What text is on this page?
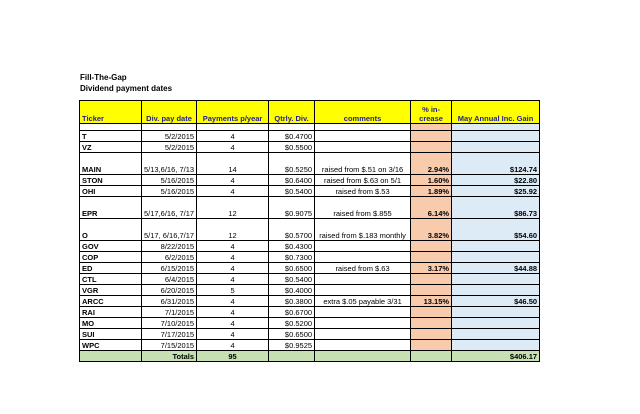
Fill-The-Gap
Dividend payment dates
Ticker	Div. pay date	Payments p/year	Qtrly. Div.	comments	% in-crease	May Annual Inc. Gain

T	5/2/2015	4	$0.4700			
VZ	5/2/2015	4	$0.5500			
MAIN	5/13,6/16, 7/13	14	$0.5250	raised from $.51 on 3/16	2.94%	$124.74
STON	5/16/2015	4	$0.6400	raised from $.63 on 5/1	1.60%	$22.80
OHI	5/16/2015	4	$0.5400	raised from $.53	1.89%	$25.92
EPR	5/17,6/16, 7/17	12	$0.9075	raised from $.855	6.14%	$86.73
O	5/17, 6/16,7/17	12	$0.5700	raised from $.183 monthly	3.82%	$54.60
GOV	8/22/2015	4	$0.4300			
COP	6/2/2015	4	$0.7300			
ED	6/15/2015	4	$0.6500	raised from $.63	3.17%	$44.88
CTL	6/4/2015	4	$0.5400			
VGR	6/20/2015	5	$0.4000			
ARCC	6/31/2015	4	$0.3800	extra $.05 payable 3/31	13.15%	$46.50
RAI	7/1/2015	4	$0.6700			
MO	7/10/2015	4	$0.5200			
SUI	7/17/2015	4	$0.6500			
WPC	7/15/2015	4	$0.9525			
	Totals	95				$406.17
